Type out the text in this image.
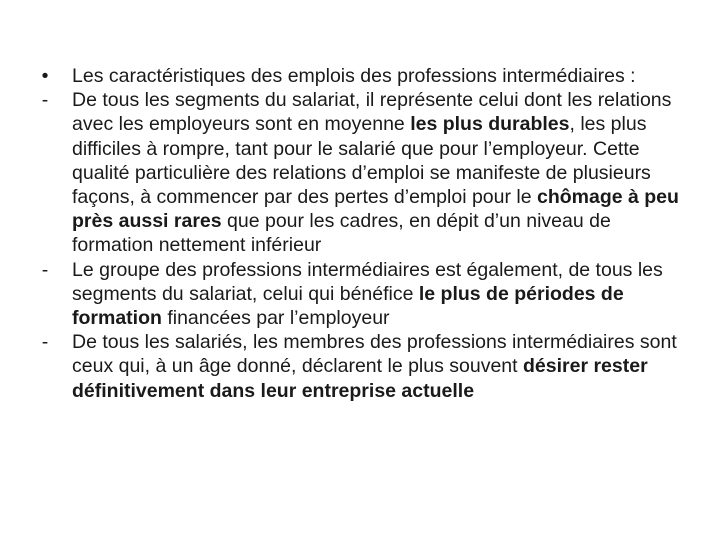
•	Les caractéristiques des emplois des professions intermédiaires :
-	De tous les segments du salariat, il représente celui dont les relations avec les employeurs sont en moyenne les plus durables, les plus difficiles à rompre, tant pour le salarié que pour l’employeur. Cette qualité particulière des relations d’emploi se manifeste de plusieurs façons, à commencer par des pertes d’emploi pour le chômage à peu près aussi rares que pour les cadres, en dépit d’un niveau de formation nettement inférieur
-	Le groupe des professions intermédiaires est également, de tous les segments du salariat, celui qui bénéfice le plus de périodes de formation financées par l’employeur
-	De tous les salariés, les membres des professions intermédiaires sont ceux qui, à un âge donné, déclarent le plus souvent désirer rester définitivement dans leur entreprise actuelle
